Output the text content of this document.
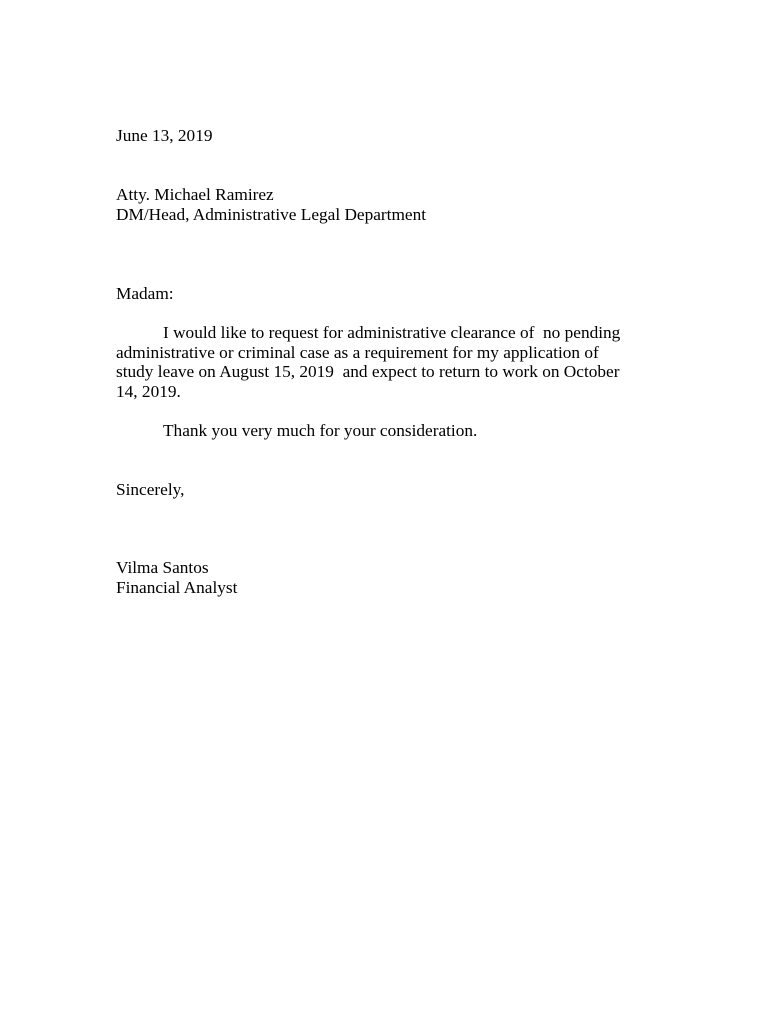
June 13, 2019

Atty. Michael Ramirez
DM/Head, Administrative Legal Department

Madam:

I would like to request for administrative clearance of  no pending
administrative or criminal case as a requirement for my application of
study leave on August 15, 2019  and expect to return to work on October
14, 2019.

Thank you very much for your consideration.

Sincerely,

Vilma Santos
Financial Analyst
